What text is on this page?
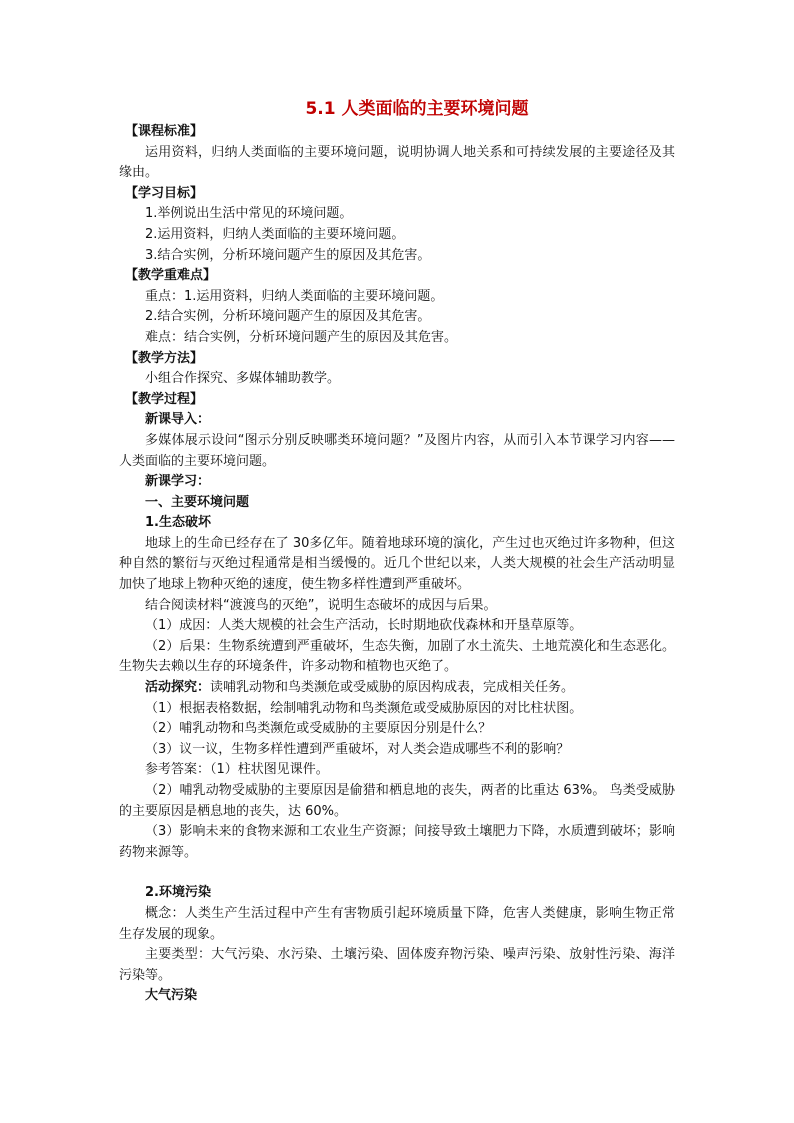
5.1 人类面临的主要环境问题
【课程标准】
运用资料，归纳人类面临的主要环境问题，说明协调人地关系和可持续发展的主要途径及其缘由。
【学习目标】
1.举例说出生活中常见的环境问题。
2.运用资料，归纳人类面临的主要环境问题。
3.结合实例，分析环境问题产生的原因及其危害。
【教学重难点】
重点：1.运用资料，归纳人类面临的主要环境问题。
2.结合实例，分析环境问题产生的原因及其危害。
难点：结合实例，分析环境问题产生的原因及其危害。
【教学方法】
小组合作探究、多媒体辅助教学。
【教学过程】
新课导入：
多媒体展示设问“图示分别反映哪类环境问题？”及图片内容，从而引入本节课学习内容——人类面临的主要环境问题。
新课学习：
一、主要环境问题
1.生态破坏
地球上的生命已经存在了 30多亿年。随着地球环境的演化，产生过也灭绝过许多物种，但这种自然的繁衍与灭绝过程通常是相当缓慢的。近几个世纪以来，人类大规模的社会生产活动明显加快了地球上物种灭绝的速度，使生物多样性遭到严重破坏。
结合阅读材料“渡渡鸟的灭绝”，说明生态破坏的成因与后果。
（1）成因：人类大规模的社会生产活动，长时期地砍伐森林和开垦草原等。
（2）后果：生物系统遭到严重破坏，生态失衡，加剧了水土流失、土地荒漠化和生态恶化。生物失去赖以生存的环境条件，许多动物和植物也灭绝了。
活动探究：读哺乳动物和鸟类濒危或受威胁的原因构成表，完成相关任务。
（1）根据表格数据，绘制哺乳动物和鸟类濒危或受威胁原因的对比柱状图。
（2）哺乳动物和鸟类濒危或受威胁的主要原因分别是什么？
（3）议一议，生物多样性遭到严重破坏，对人类会造成哪些不利的影响？
参考答案：（1）柱状图见课件。
（2）哺乳动物受威胁的主要原因是偷猎和栖息地的丧失，两者的比重达 63%。 鸟类受威胁的主要原因是栖息地的丧失，达 60%。
（3）影响未来的食物来源和工农业生产资源；间接导致土壤肥力下降，水质遭到破坏；影响药物来源等。
2.环境污染
概念：人类生产生活过程中产生有害物质引起环境质量下降，危害人类健康，影响生物正常生存发展的现象。
主要类型：大气污染、水污染、土壤污染、固体废弃物污染、噪声污染、放射性污染、海洋污染等。
大气污染
